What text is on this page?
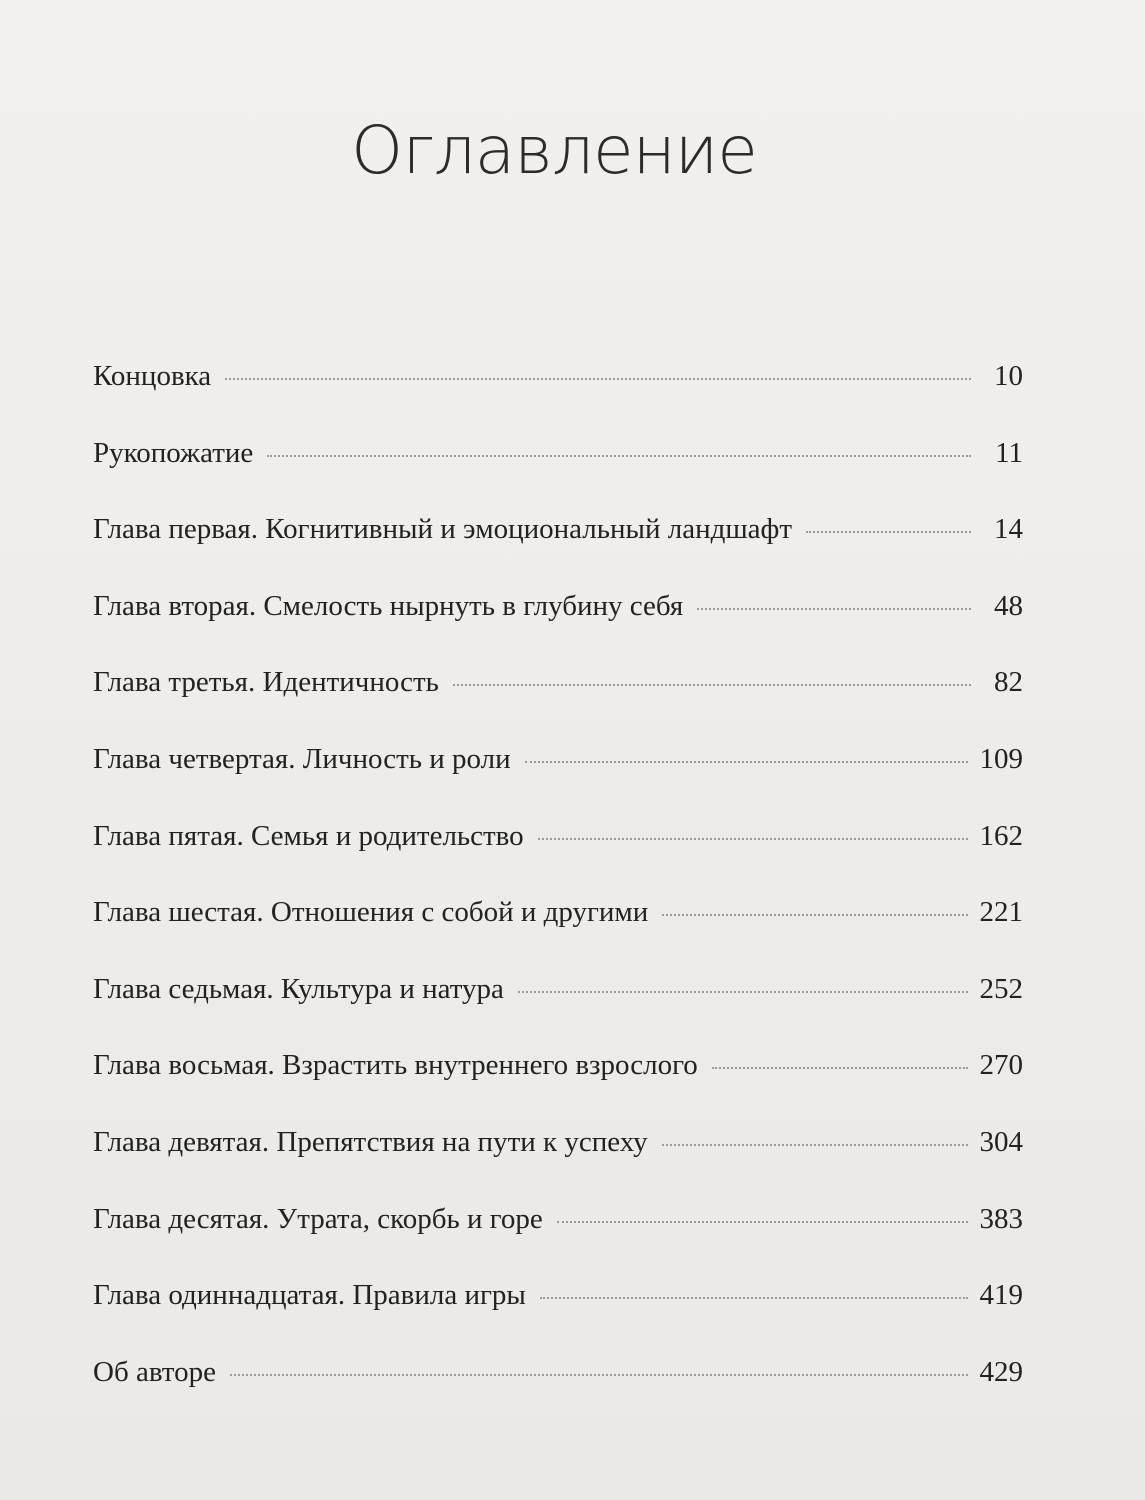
Оглавление
Концовка	10
Рукопожатие	11
Глава первая. Когнитивный и эмоциональный ландшафт	14
Глава вторая. Смелость нырнуть в глубину себя	48
Глава третья. Идентичность	82
Глава четвертая. Личность и роли	109
Глава пятая. Семья и родительство	162
Глава шестая. Отношения с собой и другими	221
Глава седьмая. Культура и натура	252
Глава восьмая. Взрастить внутреннего взрослого	270
Глава девятая. Препятствия на пути к успеху	304
Глава десятая. Утрата, скорбь и горе	383
Глава одиннадцатая. Правила игры	419
Об авторе	429
